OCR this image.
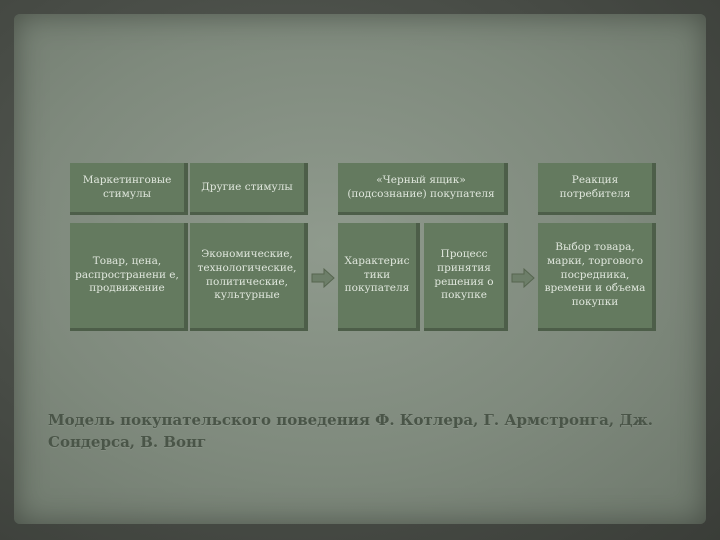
Маркетинговые стимулы
Другие стимулы
«Черный ящик» (подсознание) покупателя
Реакция потребителя
Товар, цена, распространени е, продвижение
Экономические, технологические, политические, культурные
Характерис тики покупателя
Процесс принятия решения о покупке
Выбор товара, марки, торгового посредника, времени и объема покупки
Модель покупательского поведения Ф. Котлера, Г. Армстронга, Дж. Сондерса, В. Вонг
